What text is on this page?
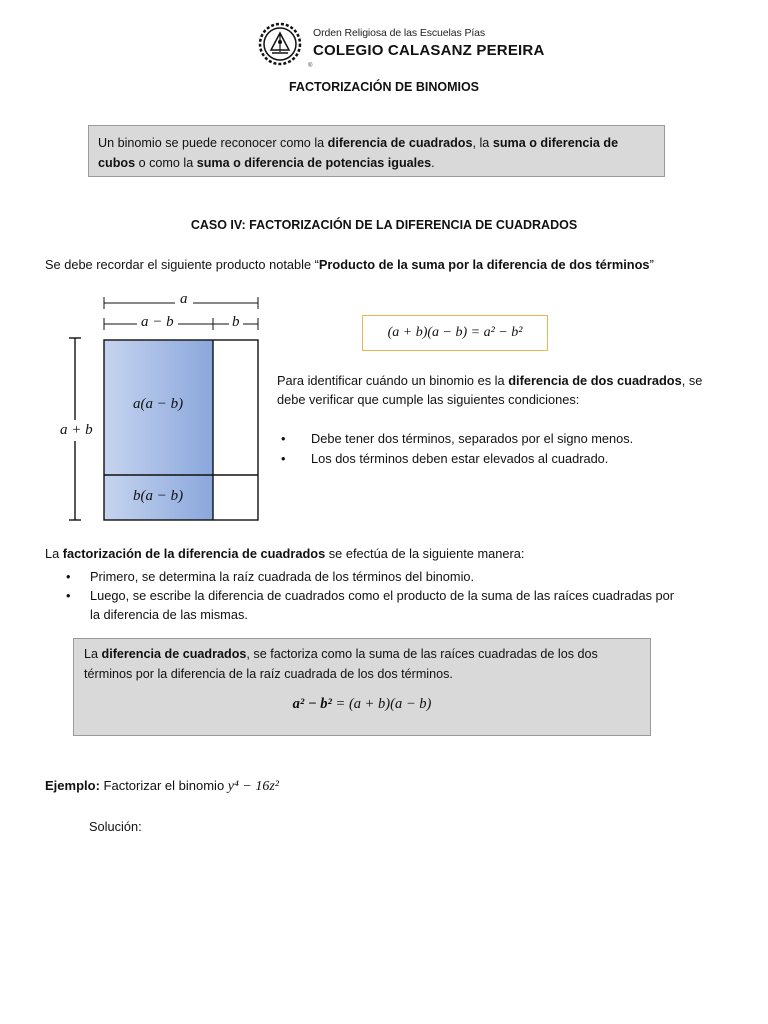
Orden Religiosa de las Escuelas Pías
COLEGIO CALASANZ PEREIRA
®
FACTORIZACIÓN DE BINOMIOS
Un binomio se puede reconocer como la diferencia de cuadrados, la suma o diferencia de cubos o como la suma o diferencia de potencias iguales.
CASO IV: FACTORIZACIÓN DE LA DIFERENCIA DE CUADRADOS
Se debe recordar el siguiente producto notable “Producto de la suma por la diferencia de dos términos”
a
a − b	b
a + b
a(a − b)
b(a − b)
(a + b)(a − b) = a² − b²
Para identificar cuándo un binomio es la diferencia de dos cuadrados, se debe verificar que cumple las siguientes condiciones:
• Debe tener dos términos, separados por el signo menos.
• Los dos términos deben estar elevados al cuadrado.
La factorización de la diferencia de cuadrados se efectúa de la siguiente manera:
• Primero, se determina la raíz cuadrada de los términos del binomio.
• Luego, se escribe la diferencia de cuadrados como el producto de la suma de las raíces cuadradas por la diferencia de las mismas.
La diferencia de cuadrados, se factoriza como la suma de las raíces cuadradas de los dos términos por la diferencia de la raíz cuadrada de los dos términos.
a² − b² = (a + b)(a − b)
Ejemplo: Factorizar el binomio y⁴ − 16z²
Solución:
